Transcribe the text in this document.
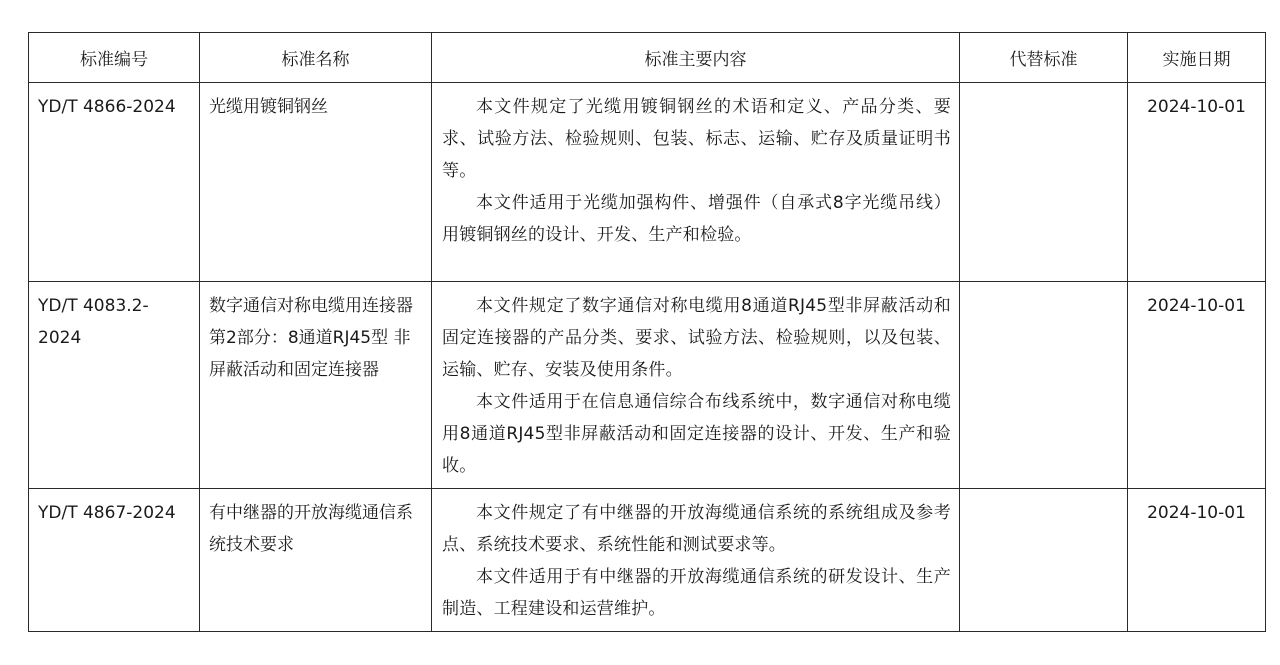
标准编号	标准名称	标准主要内容	代替标准	实施日期
YD/T 4866-2024	光缆用镀铜钢丝	本文件规定了光缆用镀铜钢丝的术语和定义、产品分类、要求、试验方法、检验规则、包装、标志、运输、贮存及质量证明书等。
本文件适用于光缆加强构件、增强件（自承式8字光缆吊线）用镀铜钢丝的设计、开发、生产和检验。		2024-10-01
YD/T 4083.2-2024	数字通信对称电缆用连接器 第2部分：8通道RJ45型 非屏蔽活动和固定连接器	本文件规定了数字通信对称电缆用8通道RJ45型非屏蔽活动和固定连接器的产品分类、要求、试验方法、检验规则，以及包装、运输、贮存、安装及使用条件。
本文件适用于在信息通信综合布线系统中，数字通信对称电缆用8通道RJ45型非屏蔽活动和固定连接器的设计、开发、生产和验收。		2024-10-01
YD/T 4867-2024	有中继器的开放海缆通信系统技术要求	本文件规定了有中继器的开放海缆通信系统的系统组成及参考点、系统技术要求、系统性能和测试要求等。
本文件适用于有中继器的开放海缆通信系统的研发设计、生产制造、工程建设和运营维护。		2024-10-01
